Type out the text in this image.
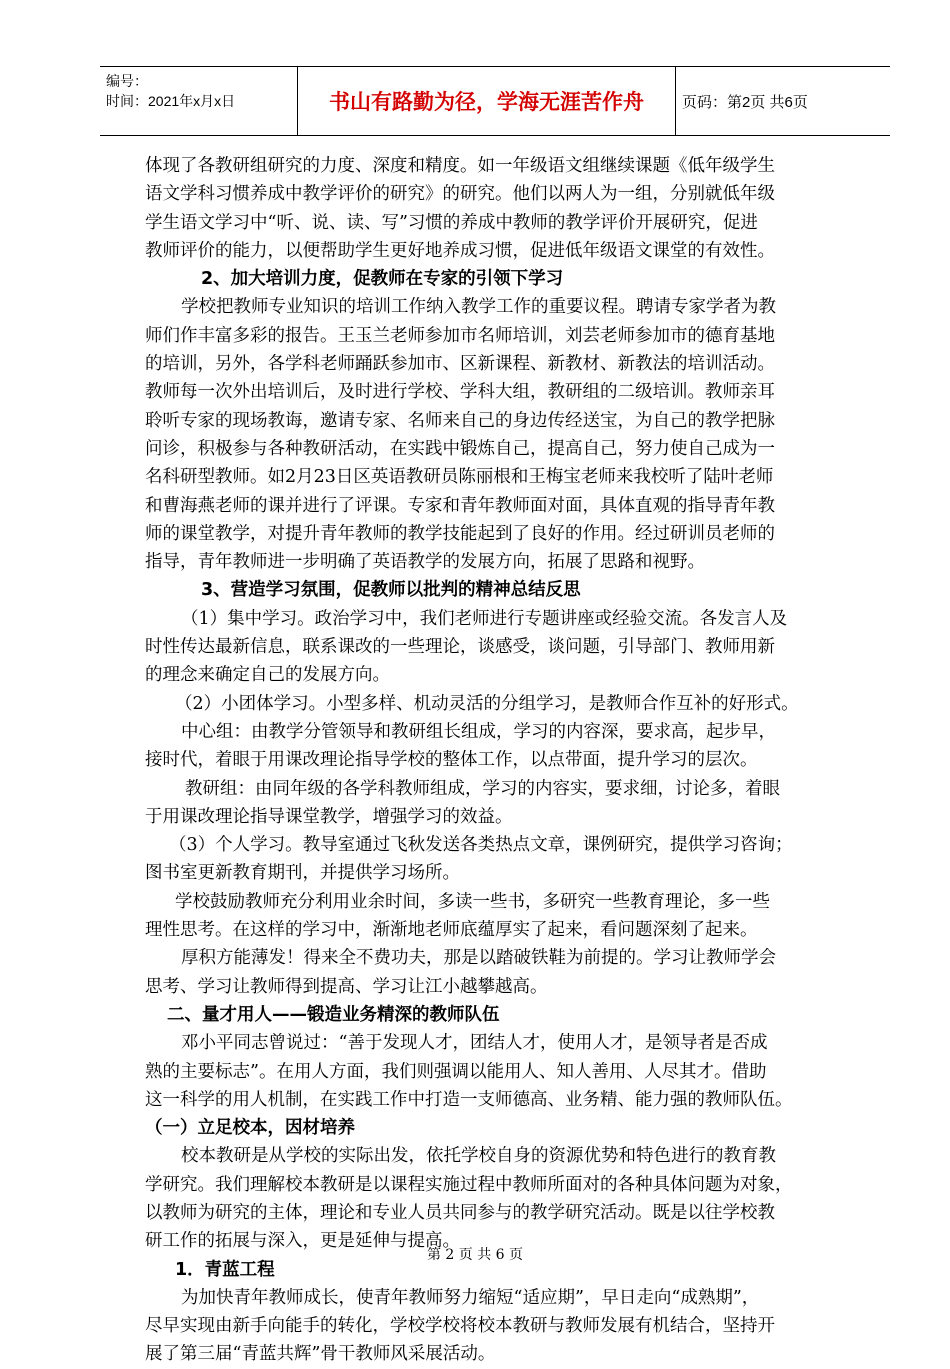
编号：
时间：2021年x月x日	书山有路勤为径，学海无涯苦作舟	页码：第2页 共6页

体现了各教研组研究的力度、深度和精度。如一年级语文组继续课题《低年级学生

语文学科习惯养成中教学评价的研究》的研究。他们以两人为一组，分别就低年级

学生语文学习中“听、说、读、写”习惯的养成中教师的教学评价开展研究，促进

教师评价的能力，以便帮助学生更好地养成习惯，促进低年级语文课堂的有效性。

2、加大培训力度，促教师在专家的引领下学习

学校把教师专业知识的培训工作纳入教学工作的重要议程。聘请专家学者为教

师们作丰富多彩的报告。王玉兰老师参加市名师培训，刘芸老师参加市的德育基地

的培训，另外，各学科老师踊跃参加市、区新课程、新教材、新教法的培训活动。

教师每一次外出培训后，及时进行学校、学科大组，教研组的二级培训。教师亲耳

聆听专家的现场教诲，邀请专家、名师来自己的身边传经送宝，为自己的教学把脉

问诊，积极参与各种教研活动，在实践中锻炼自己，提高自己，努力使自己成为一

名科研型教师。如2月23日区英语教研员陈丽根和王梅宝老师来我校听了陆叶老师

和曹海燕老师的课并进行了评课。专家和青年教师面对面，具体直观的指导青年教

师的课堂教学，对提升青年教师的教学技能起到了良好的作用。经过研训员老师的

指导，青年教师进一步明确了英语教学的发展方向，拓展了思路和视野。

3、营造学习氛围，促教师以批判的精神总结反思

（1）集中学习。政治学习中，我们老师进行专题讲座或经验交流。各发言人及

时性传达最新信息，联系课改的一些理论，谈感受，谈问题，引导部门、教师用新

的理念来确定自己的发展方向。

（2）小团体学习。小型多样、机动灵活的分组学习，是教师合作互补的好形式。

中心组：由教学分管领导和教研组长组成，学习的内容深，要求高，起步早，

接时代，着眼于用课改理论指导学校的整体工作，以点带面，提升学习的层次。

教研组：由同年级的各学科教师组成，学习的内容实，要求细，讨论多，着眼

于用课改理论指导课堂教学，增强学习的效益。

（3）个人学习。教导室通过飞秋发送各类热点文章，课例研究，提供学习咨询；

图书室更新教育期刊，并提供学习场所。

学校鼓励教师充分利用业余时间，多读一些书，多研究一些教育理论，多一些

理性思考。在这样的学习中，渐渐地老师底蕴厚实了起来，看问题深刻了起来。

厚积方能薄发！得来全不费功夫，那是以踏破铁鞋为前提的。学习让教师学会

思考、学习让教师得到提高、学习让江小越攀越高。

二、量才用人——锻造业务精深的教师队伍

邓小平同志曾说过：“善于发现人才，团结人才，使用人才，是领导者是否成

熟的主要标志”。在用人方面，我们则强调以能用人、知人善用、人尽其才。借助

这一科学的用人机制，在实践工作中打造一支师德高、业务精、能力强的教师队伍。

（一）立足校本，因材培养

校本教研是从学校的实际出发，依托学校自身的资源优势和特色进行的教育教

学研究。我们理解校本教研是以课程实施过程中教师所面对的各种具体问题为对象，

以教师为研究的主体，理论和专业人员共同参与的教学研究活动。既是以往学校教

研工作的拓展与深入，更是延伸与提高。

1．青蓝工程

为加快青年教师成长，使青年教师努力缩短“适应期”，早日走向“成熟期”，

尽早实现由新手向能手的转化，学校学校将校本教研与教师发展有机结合，坚持开

展了第三届“青蓝共辉”骨干教师风采展活动。

第 2 页 共 6 页
